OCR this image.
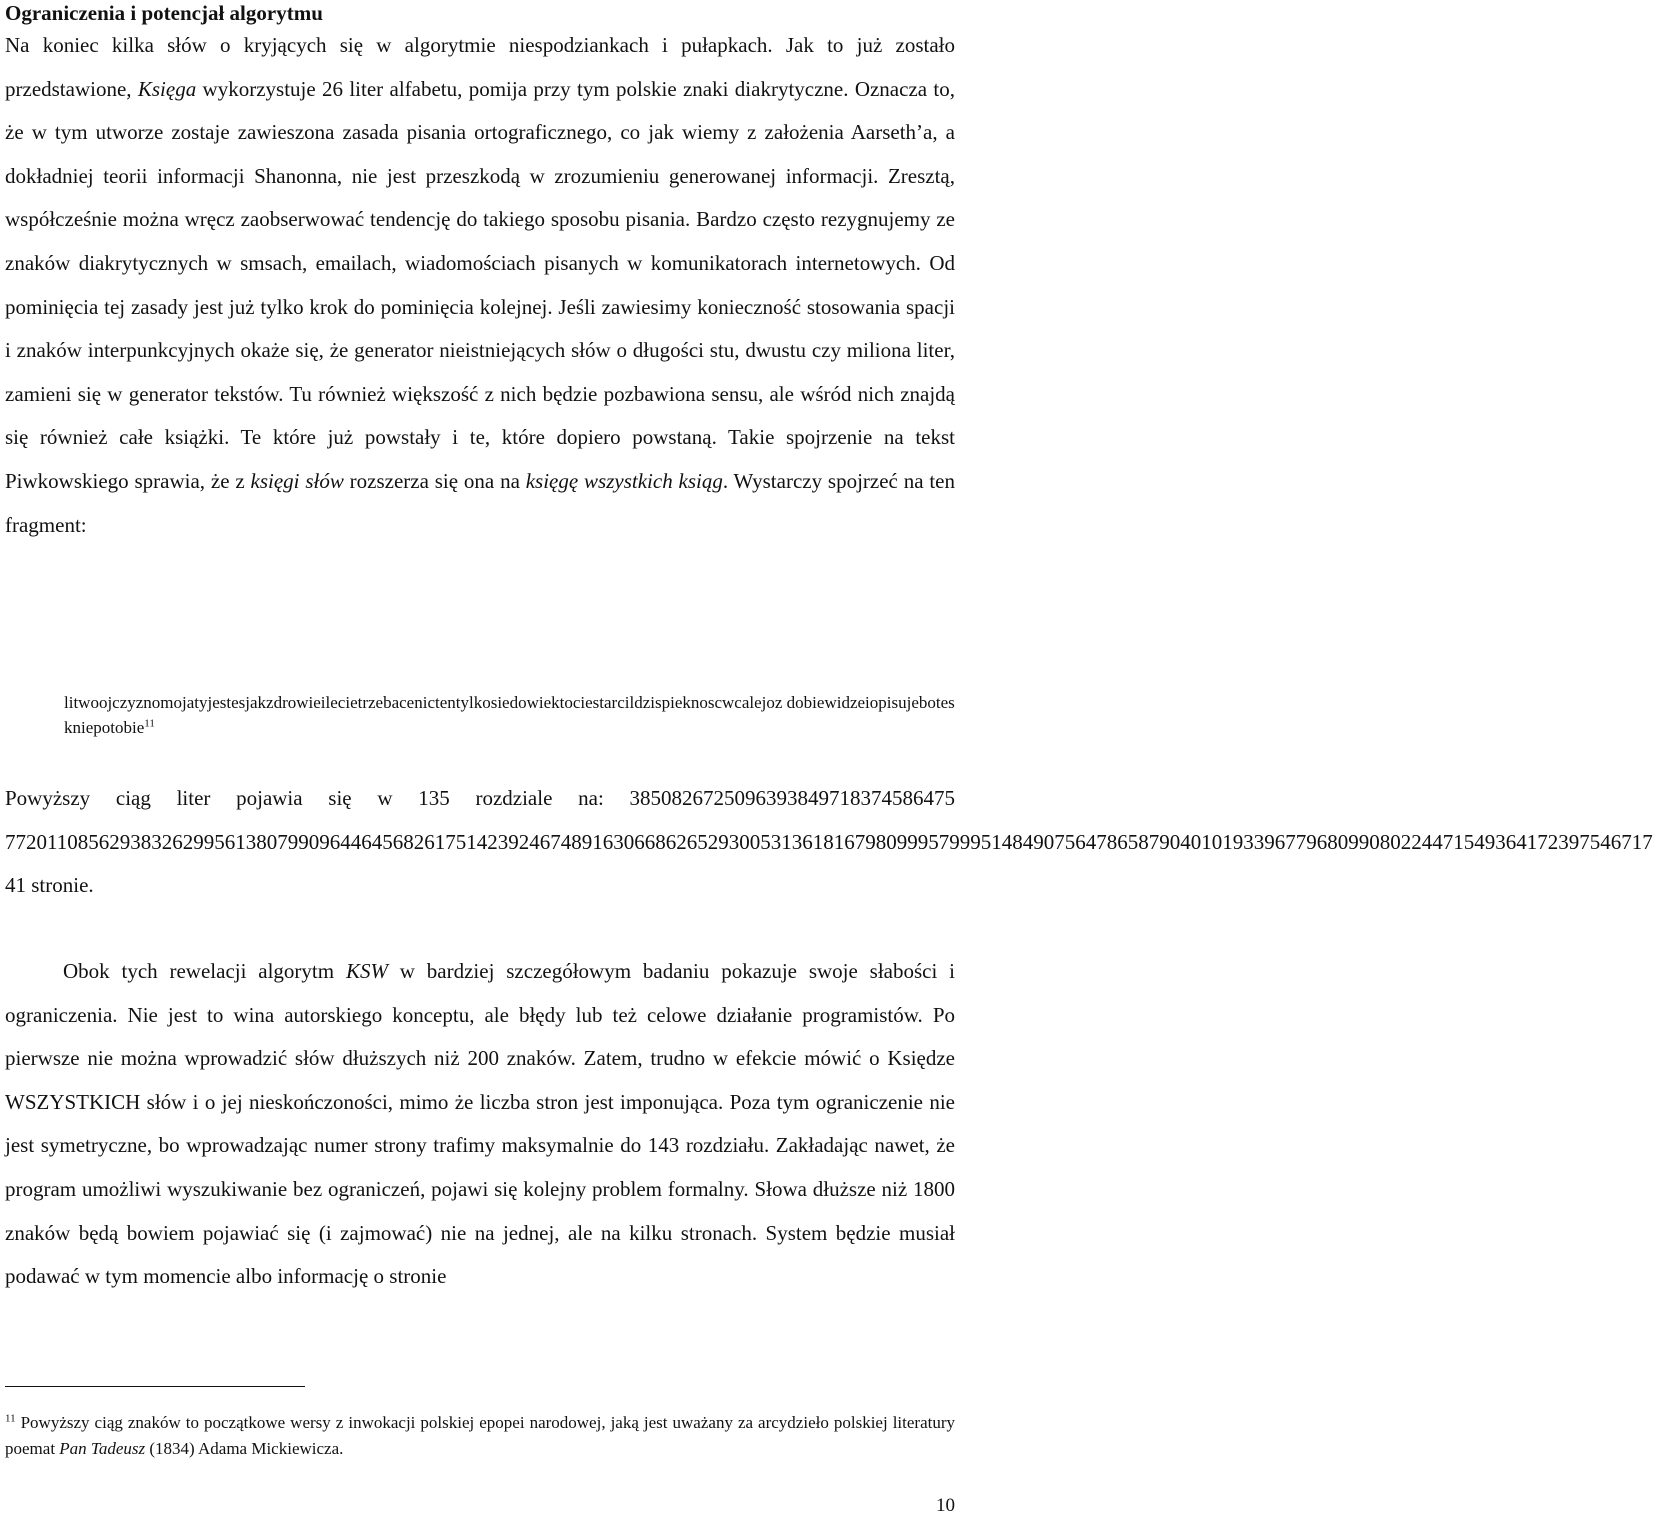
Ograniczenia i potencjał algorytmu

Na koniec kilka słów o kryjących się w algorytmie niespodziankach i pułapkach. Jak to już zostało przedstawione, Księga wykorzystuje 26 liter alfabetu, pomija przy tym polskie znaki diakrytyczne. Oznacza to, że w tym utworze zostaje zawieszona zasada pisania ortograficznego, co jak wiemy z założenia Aarseth’a, a dokładniej teorii informacji Shanonna, nie jest przeszkodą w zrozumieniu generowanej informacji. Zresztą, współcześnie można wręcz zaobserwować tendencję do takiego sposobu pisania. Bardzo często rezygnujemy ze znaków diakrytycznych w smsach, emailach, wiadomościach pisanych w komunikatorach internetowych. Od pominięcia tej zasady jest już tylko krok do pominięcia kolejnej. Jeśli zawiesimy konieczność stosowania spacji i znaków interpunkcyjnych okaże się, że generator nieistniejących słów o długości stu, dwustu czy miliona liter, zamieni się w generator tekstów. Tu również większość z nich będzie pozbawiona sensu, ale wśród nich znajdą się również całe książki. Te które już powstały i te, które dopiero powstaną. Takie spojrzenie na tekst Piwkowskiego sprawia, że z księgi słów rozszerza się ona na księgę wszystkich ksiąg. Wystarczy spojrzeć na ten fragment:

litwoojczyznomojatyjestesjakzdrowieilecietrzebacenictentylkosiedowiektociestarcildzispieknoscwcalejoz dobiewidzeiopisujeboteskniepotobie$^{11}$

Powyższy ciąg liter pojawia się w 135 rozdziale na: 3850826725096393849718374586475 7720110856293832629956138079909644645682617514239246748916306686265293005313618167980999579995148490756478658790401019339677968099080224471549364172397546717 41 stronie.

Obok tych rewelacji algorytm KSW w bardziej szczegółowym badaniu pokazuje swoje słabości i ograniczenia. Nie jest to wina autorskiego konceptu, ale błędy lub też celowe działanie programistów. Po pierwsze nie można wprowadzić słów dłuższych niż 200 znaków. Zatem, trudno w efekcie mówić o Księdze WSZYSTKICH słów i o jej nieskończoności, mimo że liczba stron jest imponująca. Poza tym ograniczenie nie jest symetryczne, bo wprowadzając numer strony trafimy maksymalnie do 143 rozdziału. Zakładając nawet, że program umożliwi wyszukiwanie bez ograniczeń, pojawi się kolejny problem formalny. Słowa dłuższe niż 1800 znaków będą bowiem pojawiać się (i zajmować) nie na jednej, ale na kilku stronach. System będzie musiał podawać w tym momencie albo informację o stronie

$^{11}$ Powyższy ciąg znaków to początkowe wersy z inwokacji polskiej epopei narodowej, jaką jest uważany za arcydzieło polskiej literatury poemat Pan Tadeusz (1834) Adama Mickiewicza.

10
